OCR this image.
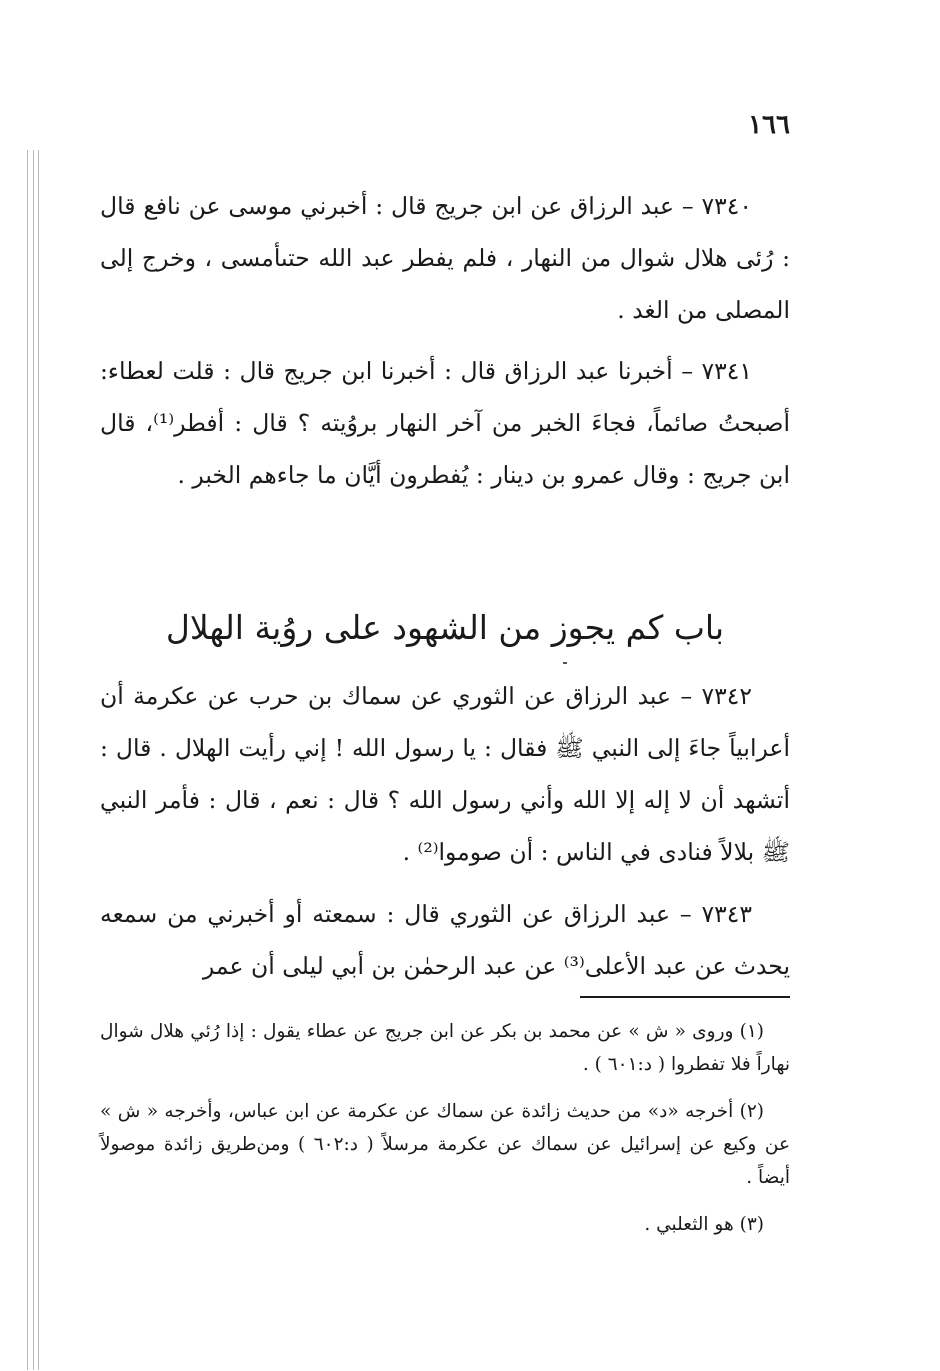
١٦٦

٧٣٤٠ – عبد الرزاق عن ابن جريج قال : أخبرني موسى عن نافع قال : رُئى هلال شوال من النهار ، فلم يفطر عبد الله حتىأمسى ، وخرج إلى المصلى من الغد .

٧٣٤١ – أخبرنا عبد الرزاق قال : أخبرنا ابن جريج قال : قلت لعطاء: أصبحتُ صائماً، فجاءَ الخبر من آخر النهار بروُيته ؟ قال : أفطر⁽¹⁾، قال ابن جريج : وقال عمرو بن دينار : يُفطرون أيَّان ما جاءهم الخبر .

باب كم يجوز من الشهود على روُية الهلال

٧٣٤٢ – عبد الرزاق عن الثوري عن سماك بن حرب عن عكرمة أن أعرابياً جاءَ إلى النبي ﷺ فقال : يا رسول الله ! إني رأيت الهلال . قال : أتشهد أن لا إله إلا الله وأني رسول الله ؟ قال : نعم ، قال : فأمر النبي ﷺ بلالاً فنادى في الناس : أن صوموا⁽²⁾ .

٧٣٤٣ – عبد الرزاق عن الثوري قال : سمعته أو أخبرني من سمعه يحدث عن عبد الأعلى⁽³⁾ عن عبد الرحمٰن بن أبي ليلى أن عمر

(١) وروى « ش » عن محمد بن بكر عن ابن جريج عن عطاء يقول : إذا رُئي هلال شوال نهاراً فلا تفطروا ( د:٦٠١ ) .

(٢) أخرجه «د» من حديث زائدة عن سماك عن عكرمة عن ابن عباس، وأخرجه « ش » عن وكيع عن إسرائيل عن سماك عن عكرمة مرسلاً ( د:٦٠٢ ) ومن‌طريق زائدة موصولاً أيضاً .

(٣) هو الثعلبي .
